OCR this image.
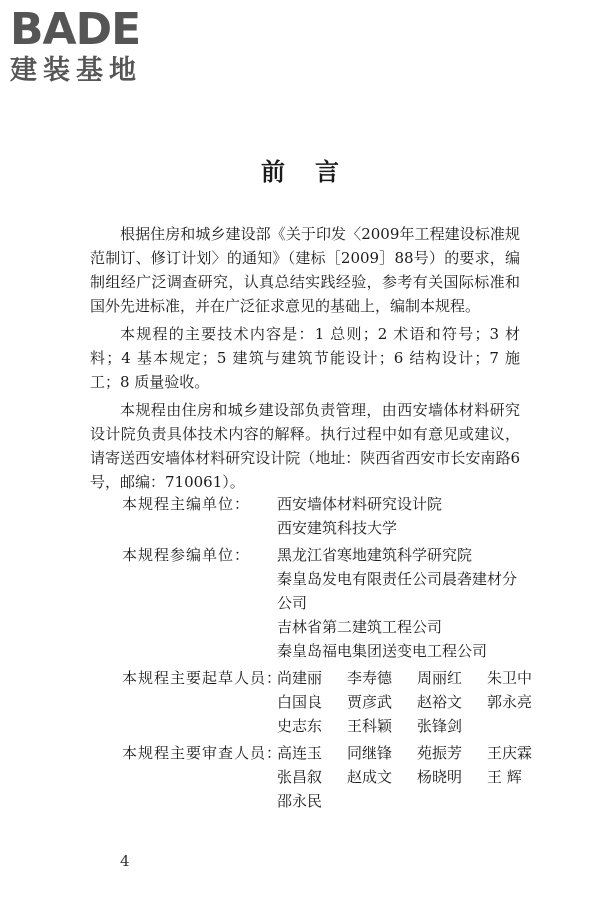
BADE
建装基地
前言

根据住房和城乡建设部《关于印发〈2009年工程建设标准规范制订、修订计划〉的通知》（建标［2009］88号）的要求，编制组经广泛调查研究，认真总结实践经验，参考有关国际标准和国外先进标准，并在广泛征求意见的基础上，编制本规程。

本规程的主要技术内容是：1 总则；2 术语和符号；3 材料；4 基本规定；5 建筑与建筑节能设计；6 结构设计；7 施工；8 质量验收。

本规程由住房和城乡建设部负责管理，由西安墙体材料研究设计院负责具体技术内容的解释。执行过程中如有意见或建议，请寄送西安墙体材料研究设计院（地址：陕西省西安市长安南路6号，邮编：710061）。

本规程主编单位：	西安墙体材料研究设计院
西安建筑科技大学
本规程参编单位：	黑龙江省寒地建筑科学研究院
秦皇岛发电有限责任公司晨砻建材分
公司
吉林省第二建筑工程公司
秦皇岛福电集团送变电工程公司
本规程主要起草人员：
尚建丽	李寿德	周丽红	朱卫中
白国良	贾彦武	赵裕文	郭永亮
史志东	王科颖	张锋剑
本规程主要审查人员：
高连玉	同继锋	苑振芳	王庆霖
张昌叙	赵成文	杨晓明	王 辉
邵永民
4
